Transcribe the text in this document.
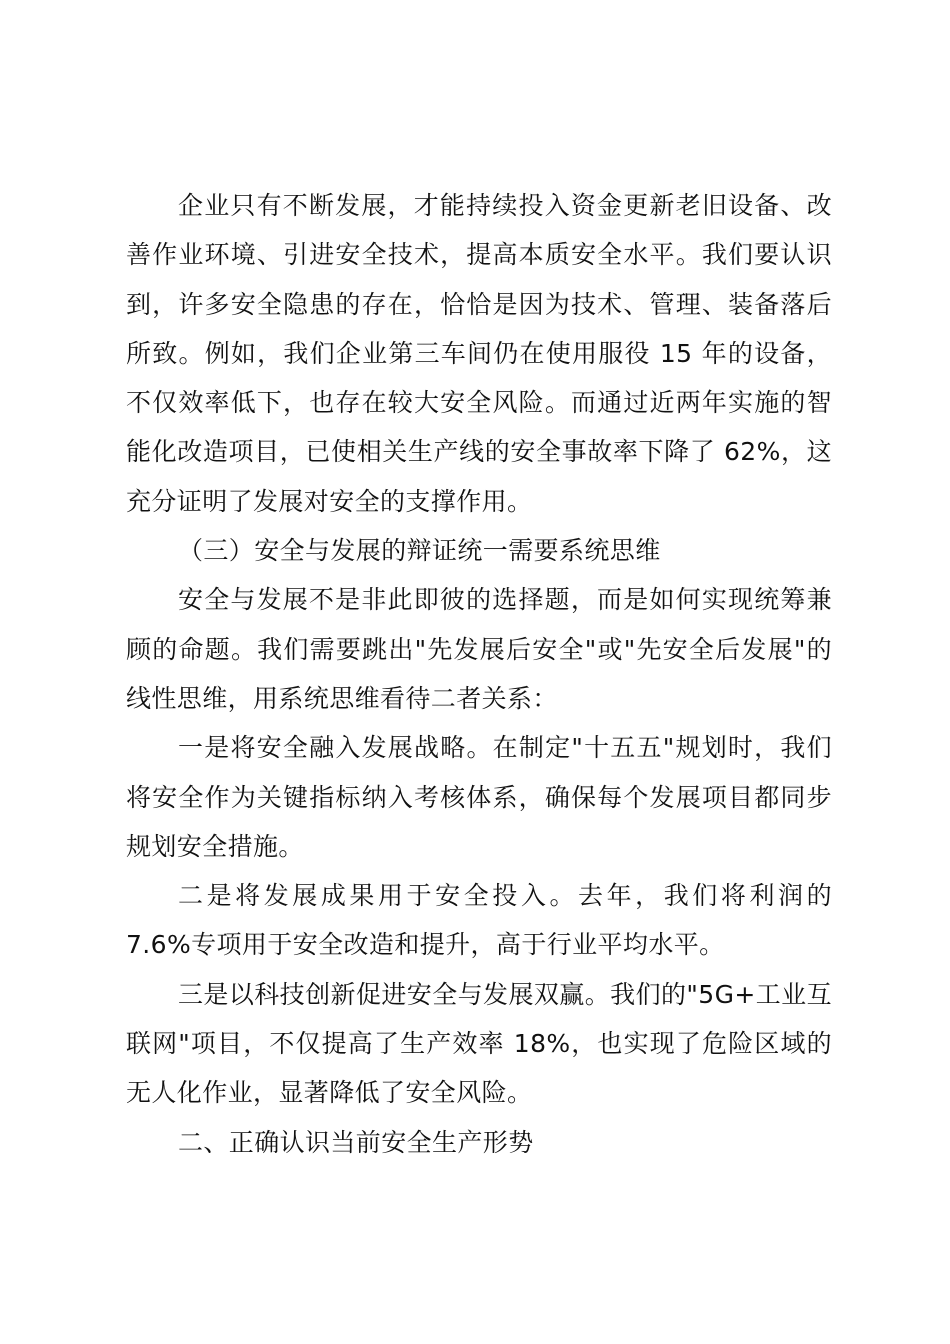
企业只有不断发展，才能持续投入资金更新老旧设备、改善作业环境、引进安全技术，提高本质安全水平。我们要认识到，许多安全隐患的存在，恰恰是因为技术、管理、装备落后所致。例如，我们企业第三车间仍在使用服役 15 年的设备，不仅效率低下，也存在较大安全风险。而通过近两年实施的智能化改造项目，已使相关生产线的安全事故率下降了 62%，这充分证明了发展对安全的支撑作用。

（三）安全与发展的辩证统一需要系统思维

安全与发展不是非此即彼的选择题，而是如何实现统筹兼顾的命题。我们需要跳出"先发展后安全"或"先安全后发展"的线性思维，用系统思维看待二者关系：

一是将安全融入发展战略。在制定"十五五"规划时，我们将安全作为关键指标纳入考核体系，确保每个发展项目都同步规划安全措施。

二是将发展成果用于安全投入。去年，我们将利润的 7.6%专项用于安全改造和提升，高于行业平均水平。

三是以科技创新促进安全与发展双赢。我们的"5G+工业互联网"项目，不仅提高了生产效率 18%，也实现了危险区域的无人化作业，显著降低了安全风险。

二、正确认识当前安全生产形势
